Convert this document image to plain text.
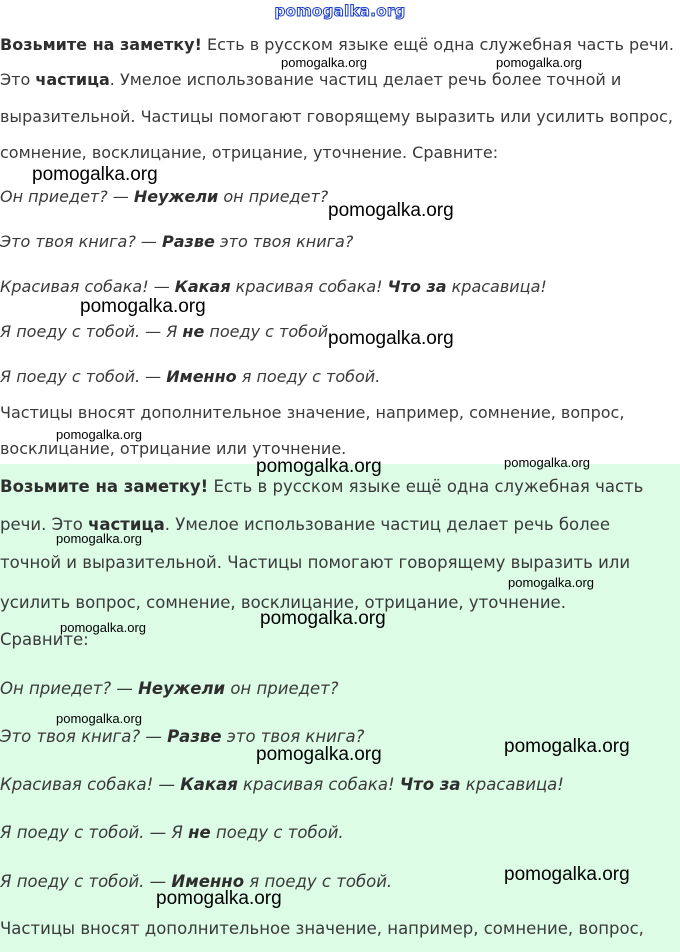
pomogalka.org
Возьмите на заметку! Есть в русском языке ещё одна служебная часть речи.
Это частица. Умелое использование частиц делает речь более точной и
выразительной. Частицы помогают говорящему выразить или усилить вопрос,
сомнение, восклицание, отрицание, уточнение. Сравните:
Он приедет? — Неужели он приедет?
Это твоя книга? — Разве это твоя книга?
Красивая собака! — Какая красивая собака! Что за красавица!
Я поеду с тобой. — Я не поеду с тобой.
Я поеду с тобой. — Именно я поеду с тобой.
Частицы вносят дополнительное значение, например, сомнение, вопрос,
восклицание, отрицание или уточнение.
Возьмите на заметку! Есть в русском языке ещё одна служебная часть
речи. Это частица. Умелое использование частиц делает речь более
точной и выразительной. Частицы помогают говорящему выразить или
усилить вопрос, сомнение, восклицание, отрицание, уточнение.
Сравните:
Он приедет? — Неужели он приедет?
Это твоя книга? — Разве это твоя книга?
Красивая собака! — Какая красивая собака! Что за красавица!
Я поеду с тобой. — Я не поеду с тобой.
Я поеду с тобой. — Именно я поеду с тобой.
Частицы вносят дополнительное значение, например, сомнение, вопрос,
pomogalka.org	pomogalka.org
pomogalka.org
pomogalka.org
pomogalka.org
pomogalka.org
pomogalka.org
pomogalka.org	pomogalka.org
pomogalka.org
pomogalka.org
pomogalka.org
pomogalka.org
pomogalka.org
pomogalka.org
pomogalka.org
pomogalka.org
pomogalka.org
